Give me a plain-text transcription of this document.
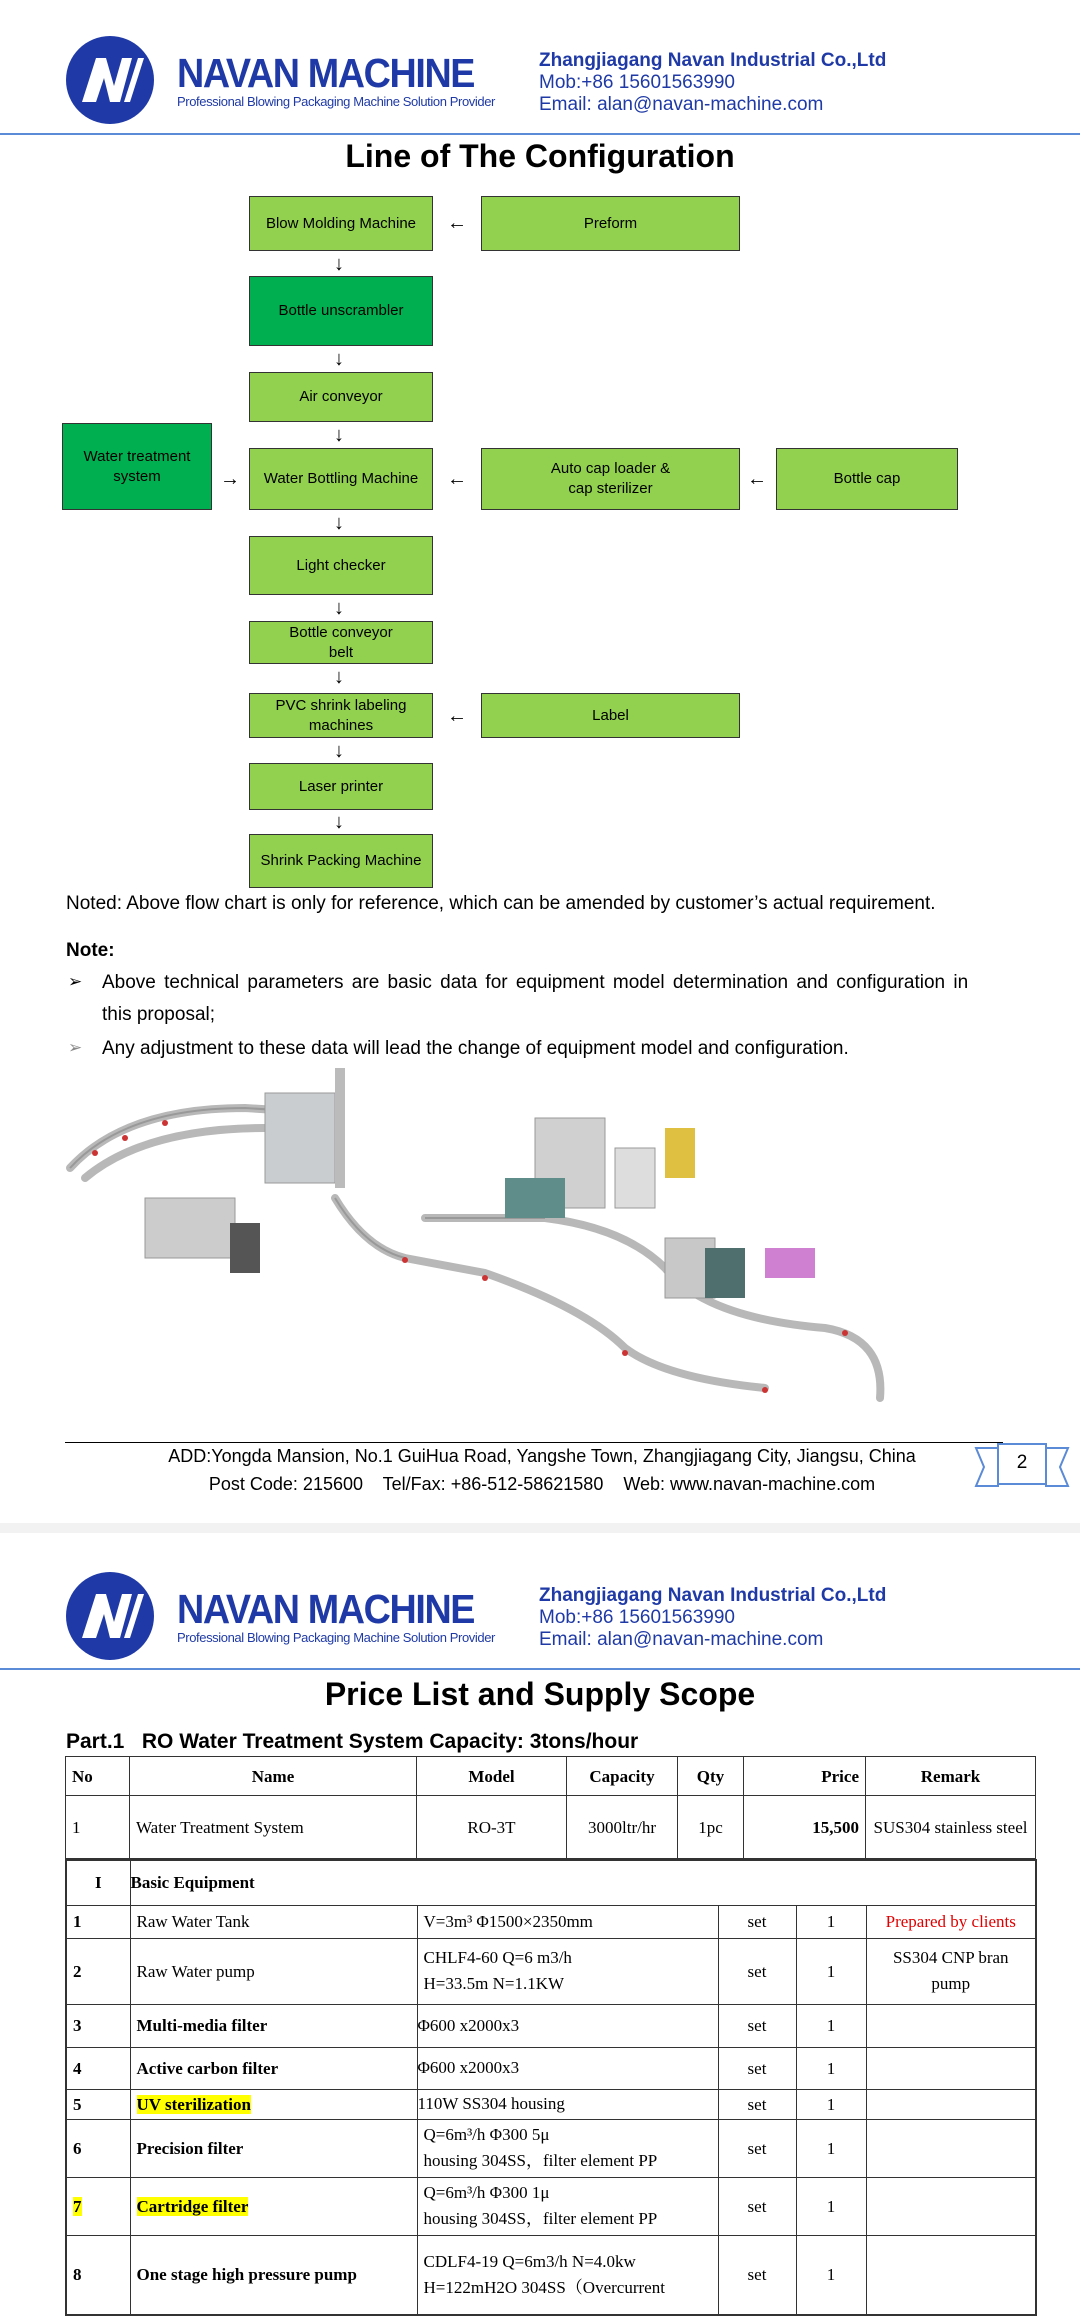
NAVAN MACHINE
Professional Blowing Packaging Machine Solution Provider
Zhangjiagang Navan Industrial Co.,Ltd
Mob:+86 15601563990
Email: alan@navan-machine.com
Line of The Configuration
Blow Molding Machine	Preform
←
↓
Bottle unscrambler
↓
Air conveyor
↓
Water treatment system	→	Water Bottling Machine	←	Auto cap loader & cap sterilizer	←	Bottle cap
↓
Light checker
↓
Bottle conveyor belt
↓
PVC shrink labeling machines	←	Label
↓
Laser printer
↓
Shrink Packing Machine
Noted: Above flow chart is only for reference, which can be amended by customer’s actual requirement.
Note:
➢ Above technical parameters are basic data for equipment model determination and configuration in
this proposal;
➢ Any adjustment to these data will lead the change of equipment model and configuration.
ADD:Yongda Mansion, No.1 GuiHua Road, Yangshe Town, Zhangjiagang City, Jiangsu, China
Post Code: 215600    Tel/Fax: +86-512-58621580    Web: www.navan-machine.com
2
NAVAN MACHINE
Professional Blowing Packaging Machine Solution Provider
Zhangjiagang Navan Industrial Co.,Ltd
Mob:+86 15601563990
Email: alan@navan-machine.com
Price List and Supply Scope
Part.1   RO Water Treatment System Capacity: 3tons/hour
No	Name	Model	Capacity	Qty	Price	Remark
1	Water Treatment System	RO-3T	3000ltr/hr	1pc	15,500	SUS304 stainless steel
I	Basic Equipment				
1	Raw Water Tank	V=3m³ Φ1500×2350mm	set	1	Prepared by clients
2	Raw Water pump	CHLF4-60 Q=6 m3/h
H=33.5m N=1.1KW	set	1	SS304 CNP bran pump
3	Multi-media filter	Φ600 x2000x3	set	1	
4	Active carbon filter	Φ600 x2000x3	set	1	
5	UV sterilization	110W SS304 housing	set	1	
6	Precision filter	Q=6m³/h Φ300 5μ
housing 304SS，filter element PP	set	1	
7	Cartridge filter	Q=6m³/h Φ300 1μ
housing 304SS，filter element PP	set	1	
8	One stage high pressure pump	CDLF4-19 Q=6m3/h N=4.0kw
H=122mH2O 304SS（Overcurrent	set	1	
